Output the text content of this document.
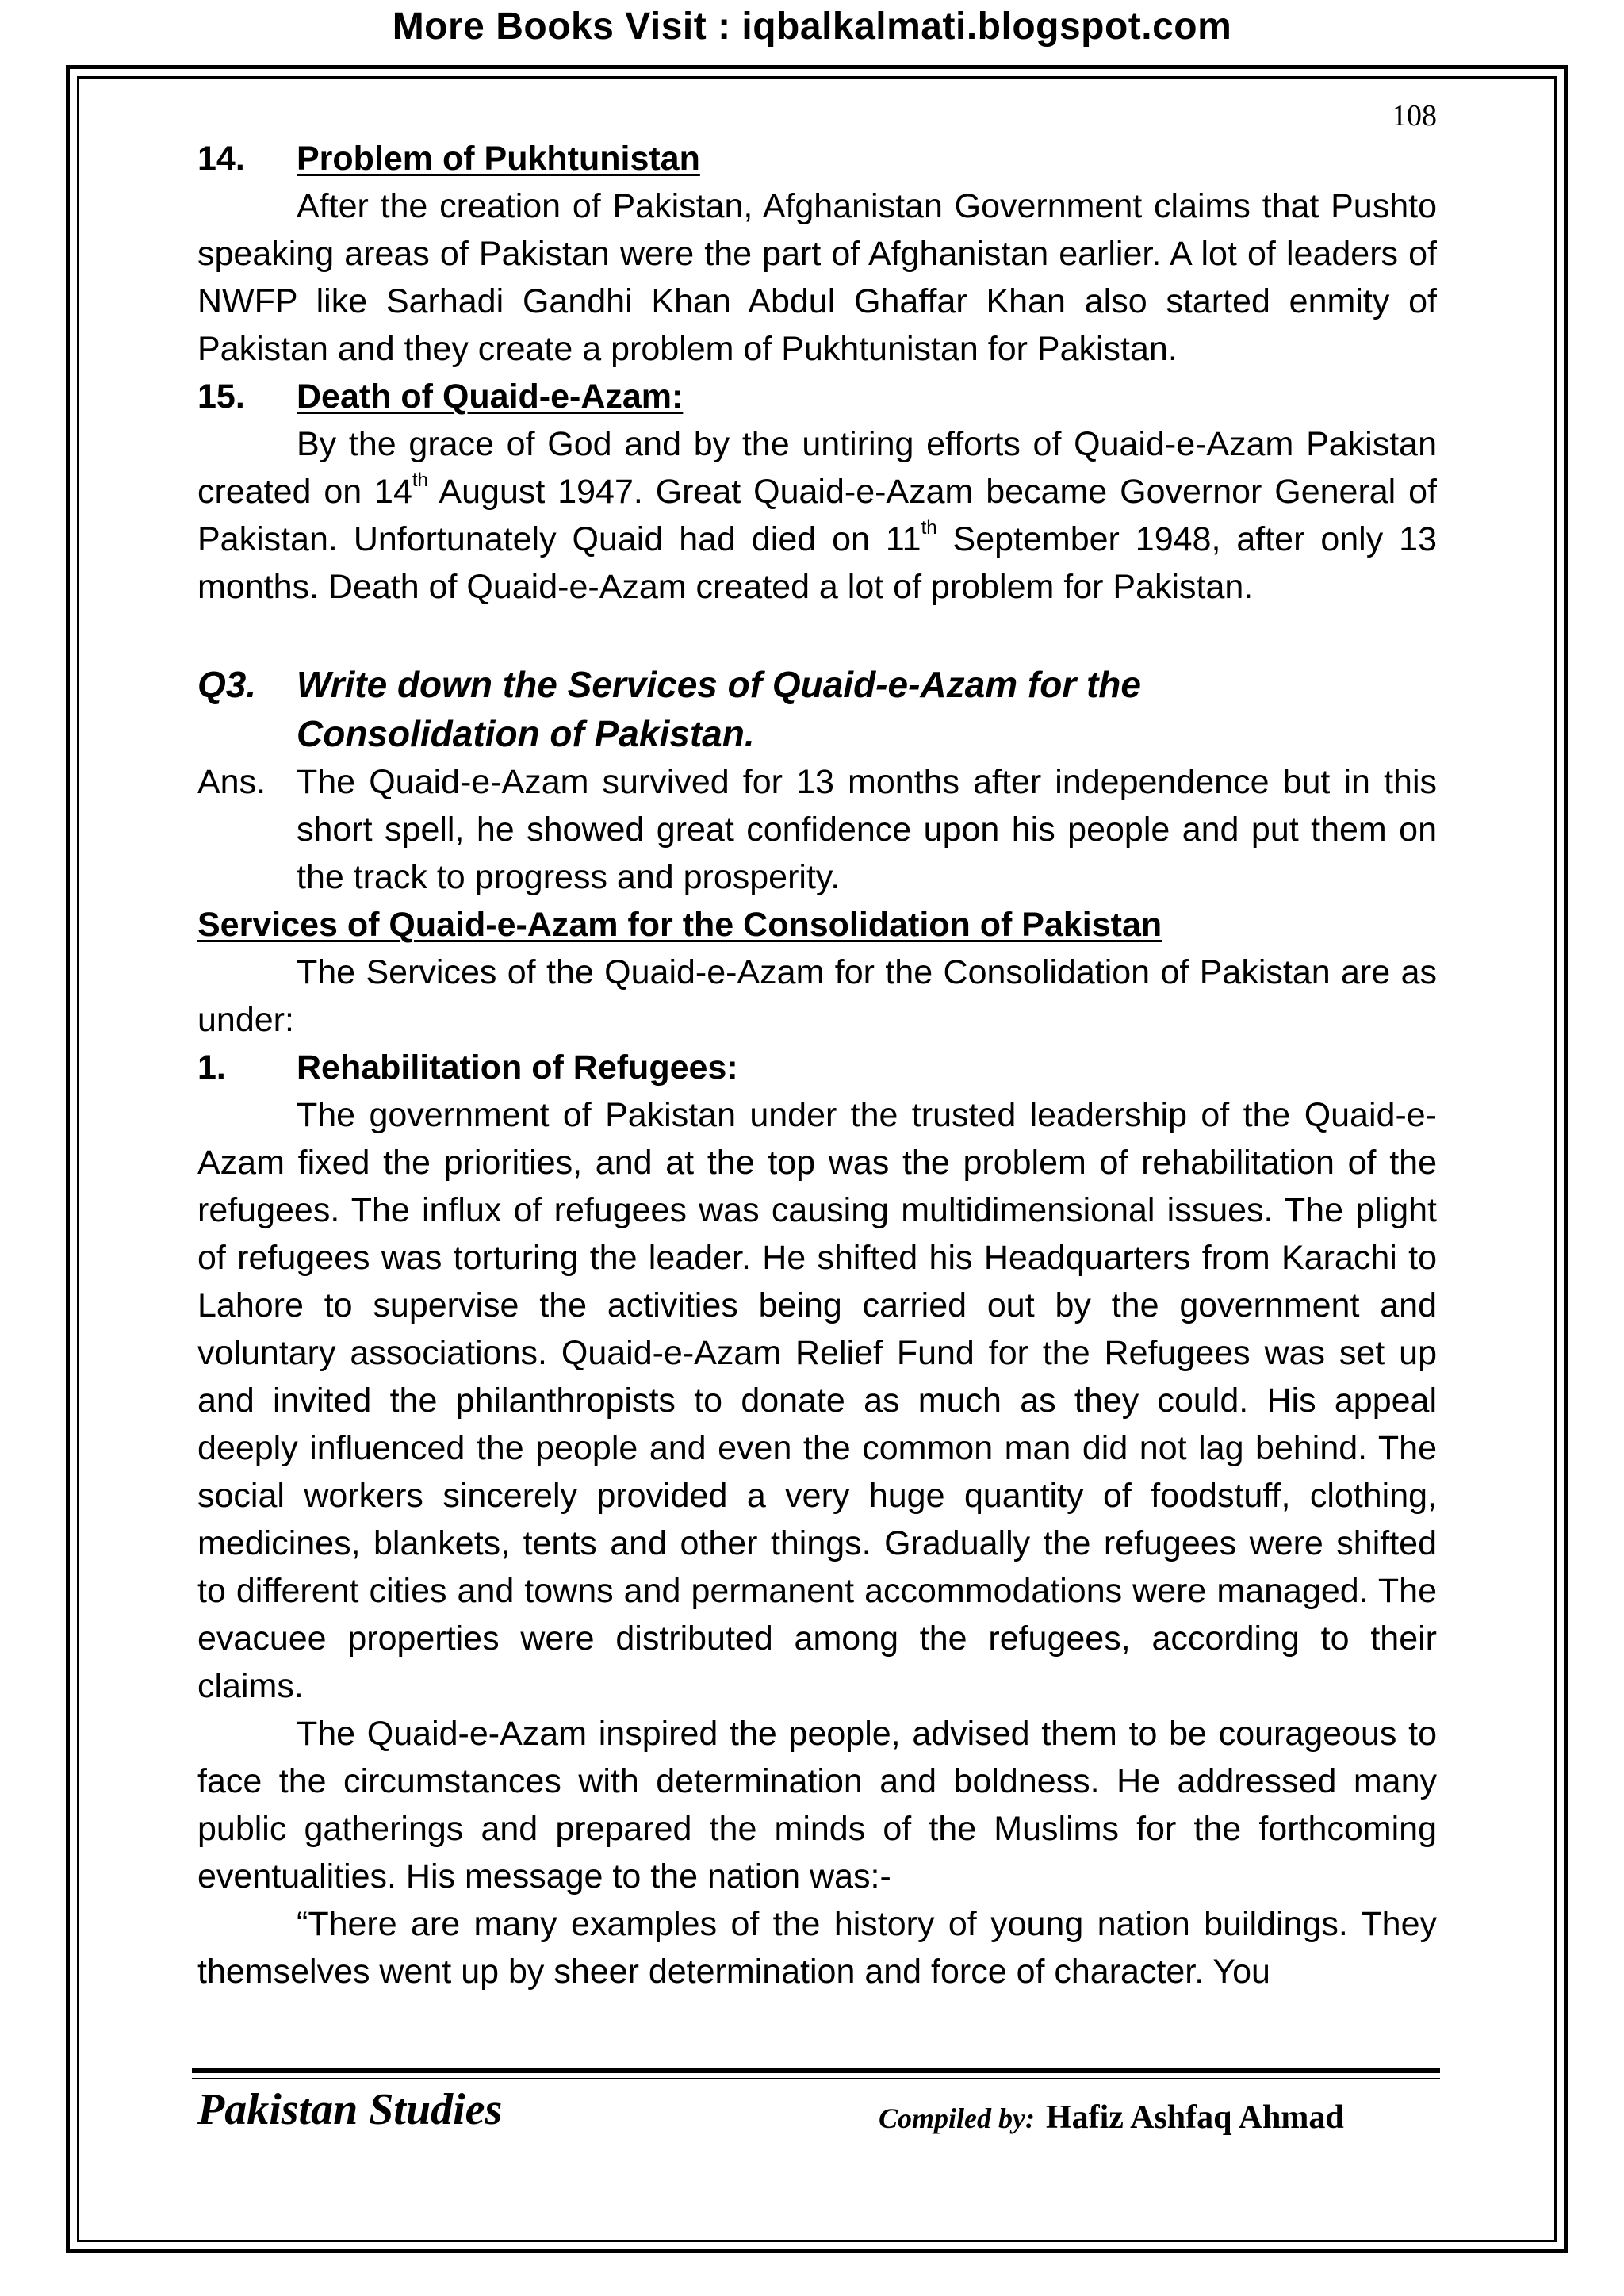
More Books Visit : iqbalkalmati.blogspot.com
108
14.	Problem of Pukhtunistan

After the creation of Pakistan, Afghanistan Government claims that Pushto speaking areas of Pakistan were the part of Afghanistan earlier. A lot of leaders of NWFP like Sarhadi Gandhi Khan Abdul Ghaffar Khan also started enmity of Pakistan and they create a problem of Pukhtunistan for Pakistan.

15.	Death of Quaid-e-Azam:

By the grace of God and by the untiring efforts of Quaid-e-Azam Pakistan created on 14th August 1947. Great Quaid-e-Azam became Governor General of Pakistan. Unfortunately Quaid had died on 11th September 1948, after only 13 months. Death of Quaid-e-Azam created a lot of problem for Pakistan.

Q3.	Write down the Services of Quaid-e-Azam for the
Consolidation of Pakistan.
Ans. The Quaid-e-Azam survived for 13 months after independence but in this short spell, he showed great confidence upon his people and put them on the track to progress and prosperity.

Services of Quaid-e-Azam for the Consolidation of Pakistan

The Services of the Quaid-e-Azam for the Consolidation of Pakistan are as under:

1.	Rehabilitation of Refugees:

The government of Pakistan under the trusted leadership of the Quaid-e-Azam fixed the priorities, and at the top was the problem of rehabilitation of the refugees. The influx of refugees was causing multidimensional issues. The plight of refugees was torturing the leader. He shifted his Headquarters from Karachi to Lahore to supervise the activities being carried out by the government and voluntary associations. Quaid-e-Azam Relief Fund for the Refugees was set up and invited the philanthropists to donate as much as they could. His appeal deeply influenced the people and even the common man did not lag behind. The social workers sincerely provided a very huge quantity of foodstuff, clothing, medicines, blankets, tents and other things. Gradually the refugees were shifted to different cities and towns and permanent accommodations were managed. The evacuee properties were distributed among the refugees, according to their claims.

The Quaid-e-Azam inspired the people, advised them to be courageous to face the circumstances with determination and boldness. He addressed many public gatherings and prepared the minds of the Muslims for the forthcoming eventualities. His message to the nation was:-

“There are many examples of the history of young nation buildings. They themselves went up by sheer determination and force of character. You

Pakistan Studies	Compiled by: Hafiz Ashfaq Ahmad
